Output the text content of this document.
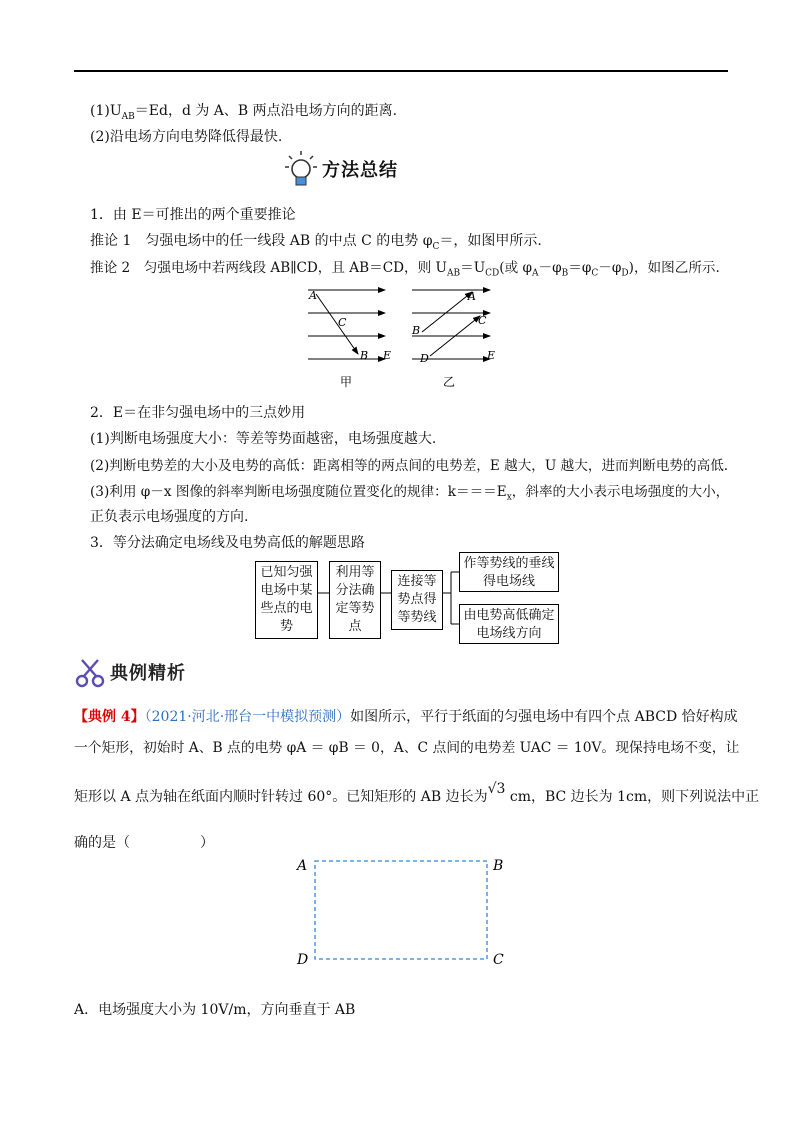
$(1)U_{AB}=Ed$，d 为 A、B 两点沿电场方向的距离.
(2)沿电场方向电势降低得最快.
方法总结
1．由 E＝可推出的两个重要推论
推论 1　匀强电场中的任一线段 AB 的中点 C 的电势 $\varphi_C=$，如图甲所示.
推论 2　匀强电场中若两线段 AB∥CD，且 AB＝CD，则 $U_{AB}=U_{CD}$(或 $\varphi_A-\varphi_B=\varphi_C-\varphi_D$)，如图乙所示.
A
C
B E
甲
A
B
C
D	E
乙
2．E＝在非匀强电场中的三点妙用
(1)判断电场强度大小：等差等势面越密，电场强度越大.
(2)判断电势差的大小及电势的高低：距离相等的两点间的电势差，E 越大，U 越大，进而判断电势的高低.
(3)利用 φ－x 图像的斜率判断电场强度随位置变化的规律：$k===E_x$，斜率的大小表示电场强度的大小，
正负表示电场强度的方向.
3．等分法确定电场线及电势高低的解题思路
已知匀强电场中某些点的电势
利用等分法确定等势点
连接等势点得等势线
作等势线的垂线得电场线
由电势高低确定电场线方向
典例精析
【典例 4】（2021·河北·邢台一中模拟预测）如图所示，平行于纸面的匀强电场中有四个点 ABCD 恰好构成
一个矩形，初始时 A、B 点的电势 φA ＝ φB ＝ 0，A、C 点间的电势差 UAC ＝ 10V。现保持电场不变，让
矩形以 A 点为轴在纸面内顺时针转过 60°。已知矩形的 AB 边长为√3 cm，BC 边长为 1cm，则下列说法中正
确的是（　　　　　）
A	B
C
D
A．电场强度大小为 10V/m，方向垂直于 AB
